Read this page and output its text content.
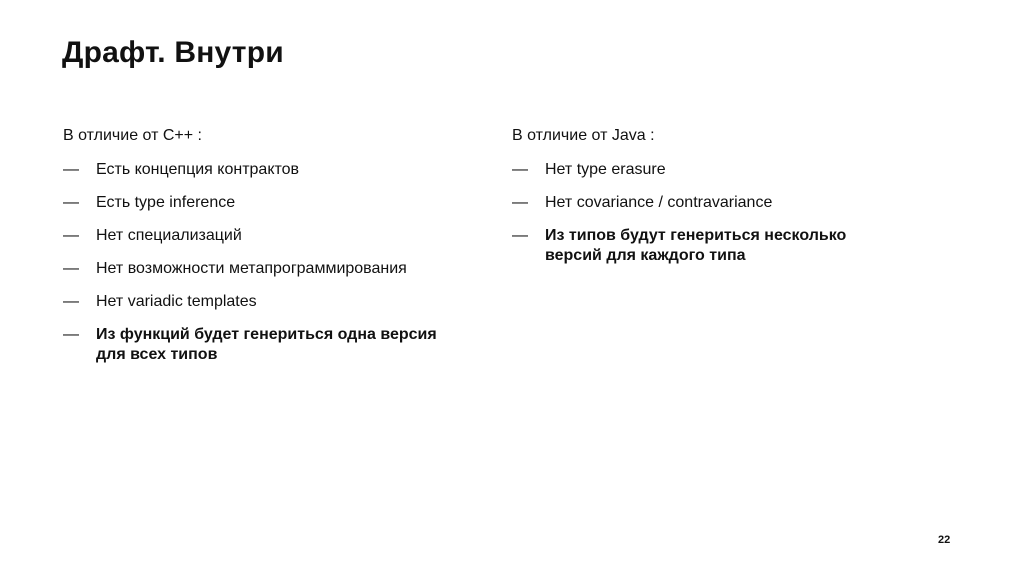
Драфт. Внутри

В отличие от C++ :

— Есть концепция контрактов
— Есть type inference
— Нет специализаций
— Нет возможности метапрограммирования
— Нет variadic templates
— Из функций будет генериться одна версия для всех типов

В отличие от Java :

— Нет type erasure
— Нет covariance / contravariance
— Из типов будут генериться несколько версий для каждого типа
22
